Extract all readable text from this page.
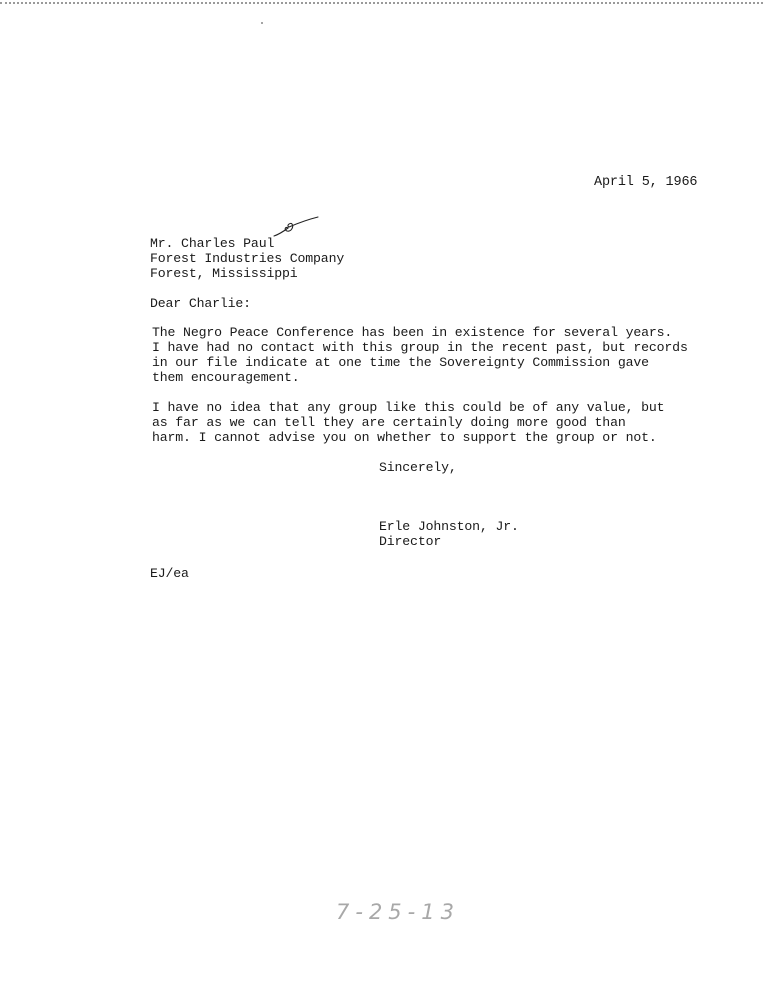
April 5, 1966
Mr. Charles Paul
Forest Industries Company
Forest, Mississippi
Dear Charlie:
The Negro Peace Conference has been in existence for several years.
I have had no contact with this group in the recent past, but records
in our file indicate at one time the Sovereignty Commission gave
them encouragement.
I have no idea that any group like this could be of any value, but
as far as we can tell they are certainly doing more good than
harm. I cannot advise you on whether to support the group or not.
Sincerely,
Erle Johnston, Jr.
Director
EJ/ea
7-25-13
